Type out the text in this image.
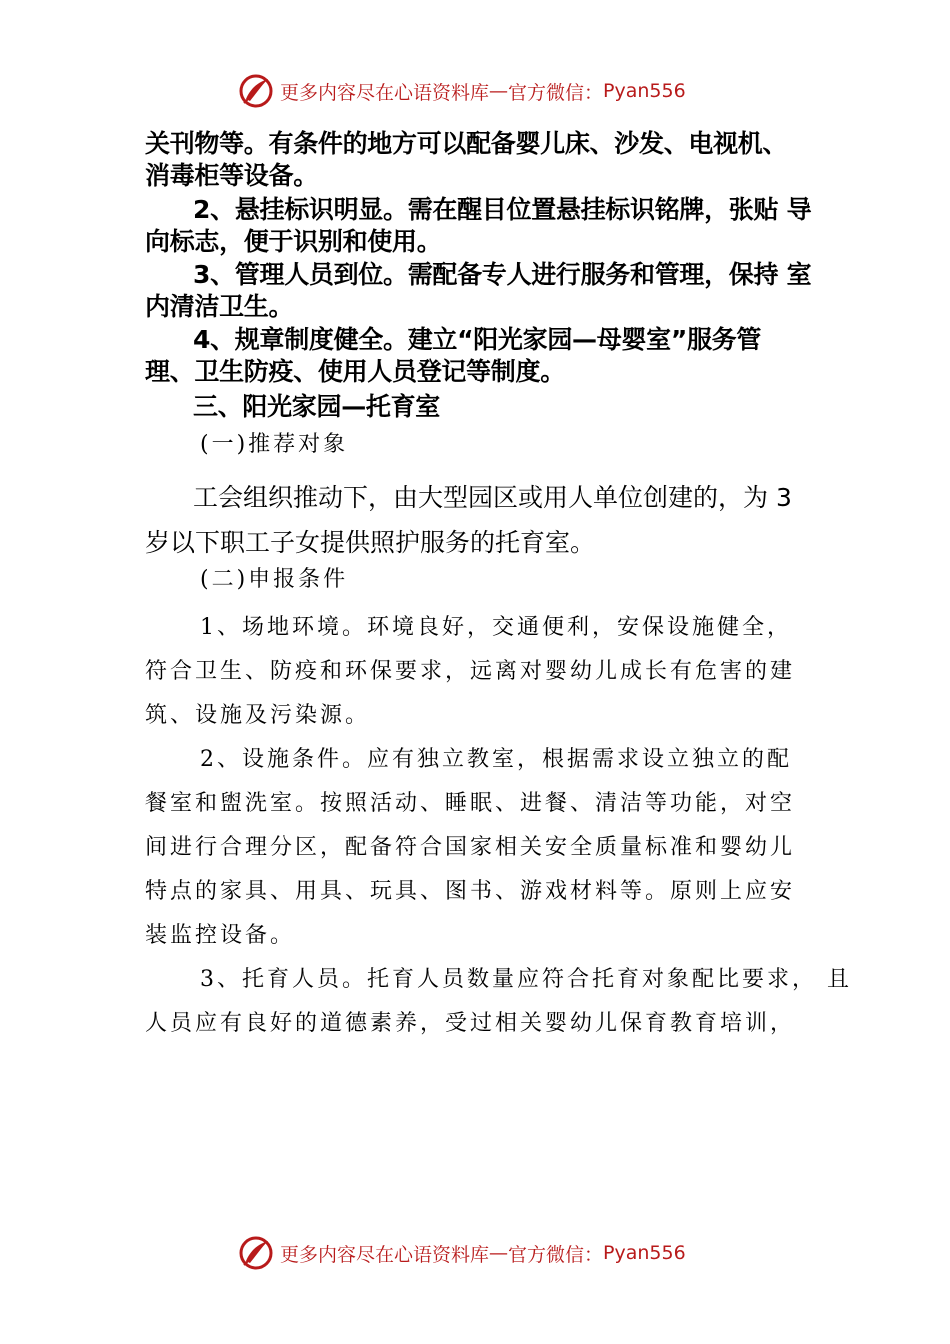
更多内容尽在心语资料库 — 官方微信 ： Pyan556
关刊物等。有条件的地方可以配备婴儿床、沙发、电视机、
消毒柜等设备。
2、悬挂标识明显。需在醒目位置悬挂标识铭牌，张贴 导
向标志，便于识别和使用。
3、管理人员到位。需配备专人进行服务和管理，保持 室
内清洁卫生。
4、规章制度健全。建立“阳光家园—母婴室”服务管
理、卫生防疫、使用人员登记等制度。
三、阳光家园—托育室
(一)推荐对象
工会组织推动下，由大型园区或用人单位创建的，为 3
岁以下职工子女提供照护服务的托育室。
(二)申报条件
1、场地环境。环境良好，交通便利，安保设施健全，
符合卫生、防疫和环保要求，远离对婴幼儿成长有危害的建
筑、设施及污染源。
2、设施条件。应有独立教室，根据需求设立独立的配
餐室和盥洗室。按照活动、睡眠、进餐、清洁等功能，对空
间进行合理分区，配备符合国家相关安全质量标准和婴幼儿
特点的家具、用具、玩具、图书、游戏材料等。原则上应安
装监控设备。
3、托育人员。托育人员数量应符合托育对象配比要求， 且
人员应有良好的道德素养，受过相关婴幼儿保育教育培训，
更多内容尽在心语资料库 — 官方微信 ： Pyan556
